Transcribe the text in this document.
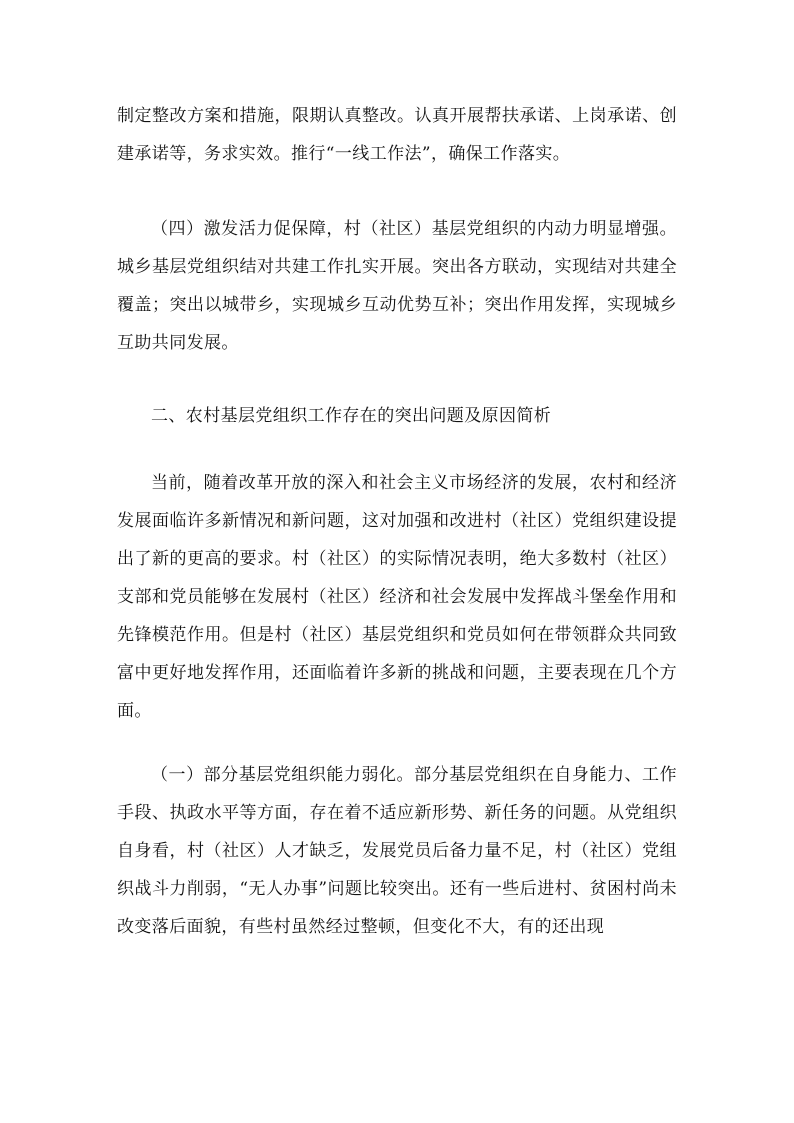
制定整改方案和措施，限期认真整改。认真开展帮扶承诺、上岗承诺、创建承诺等，务求实效。推行“一线工作法”，确保工作落实。

（四）激发活力促保障，村（社区）基层党组织的内动力明显增强。城乡基层党组织结对共建工作扎实开展。突出各方联动，实现结对共建全覆盖；突出以城带乡，实现城乡互动优势互补；突出作用发挥，实现城乡互助共同发展。

二、农村基层党组织工作存在的突出问题及原因简析

当前，随着改革开放的深入和社会主义市场经济的发展，农村和经济发展面临许多新情况和新问题，这对加强和改进村（社区）党组织建设提出了新的更高的要求。村（社区）的实际情况表明，绝大多数村（社区）支部和党员能够在发展村（社区）经济和社会发展中发挥战斗堡垒作用和先锋模范作用。但是村（社区）基层党组织和党员如何在带领群众共同致富中更好地发挥作用，还面临着许多新的挑战和问题，主要表现在几个方面。

（一）部分基层党组织能力弱化。部分基层党组织在自身能力、工作手段、执政水平等方面，存在着不适应新形势、新任务的问题。从党组织自身看，村（社区）人才缺乏，发展党员后备力量不足，村（社区）党组织战斗力削弱，“无人办事”问题比较突出。还有一些后进村、贫困村尚未改变落后面貌，有些村虽然经过整顿，但变化不大，有的还出现
